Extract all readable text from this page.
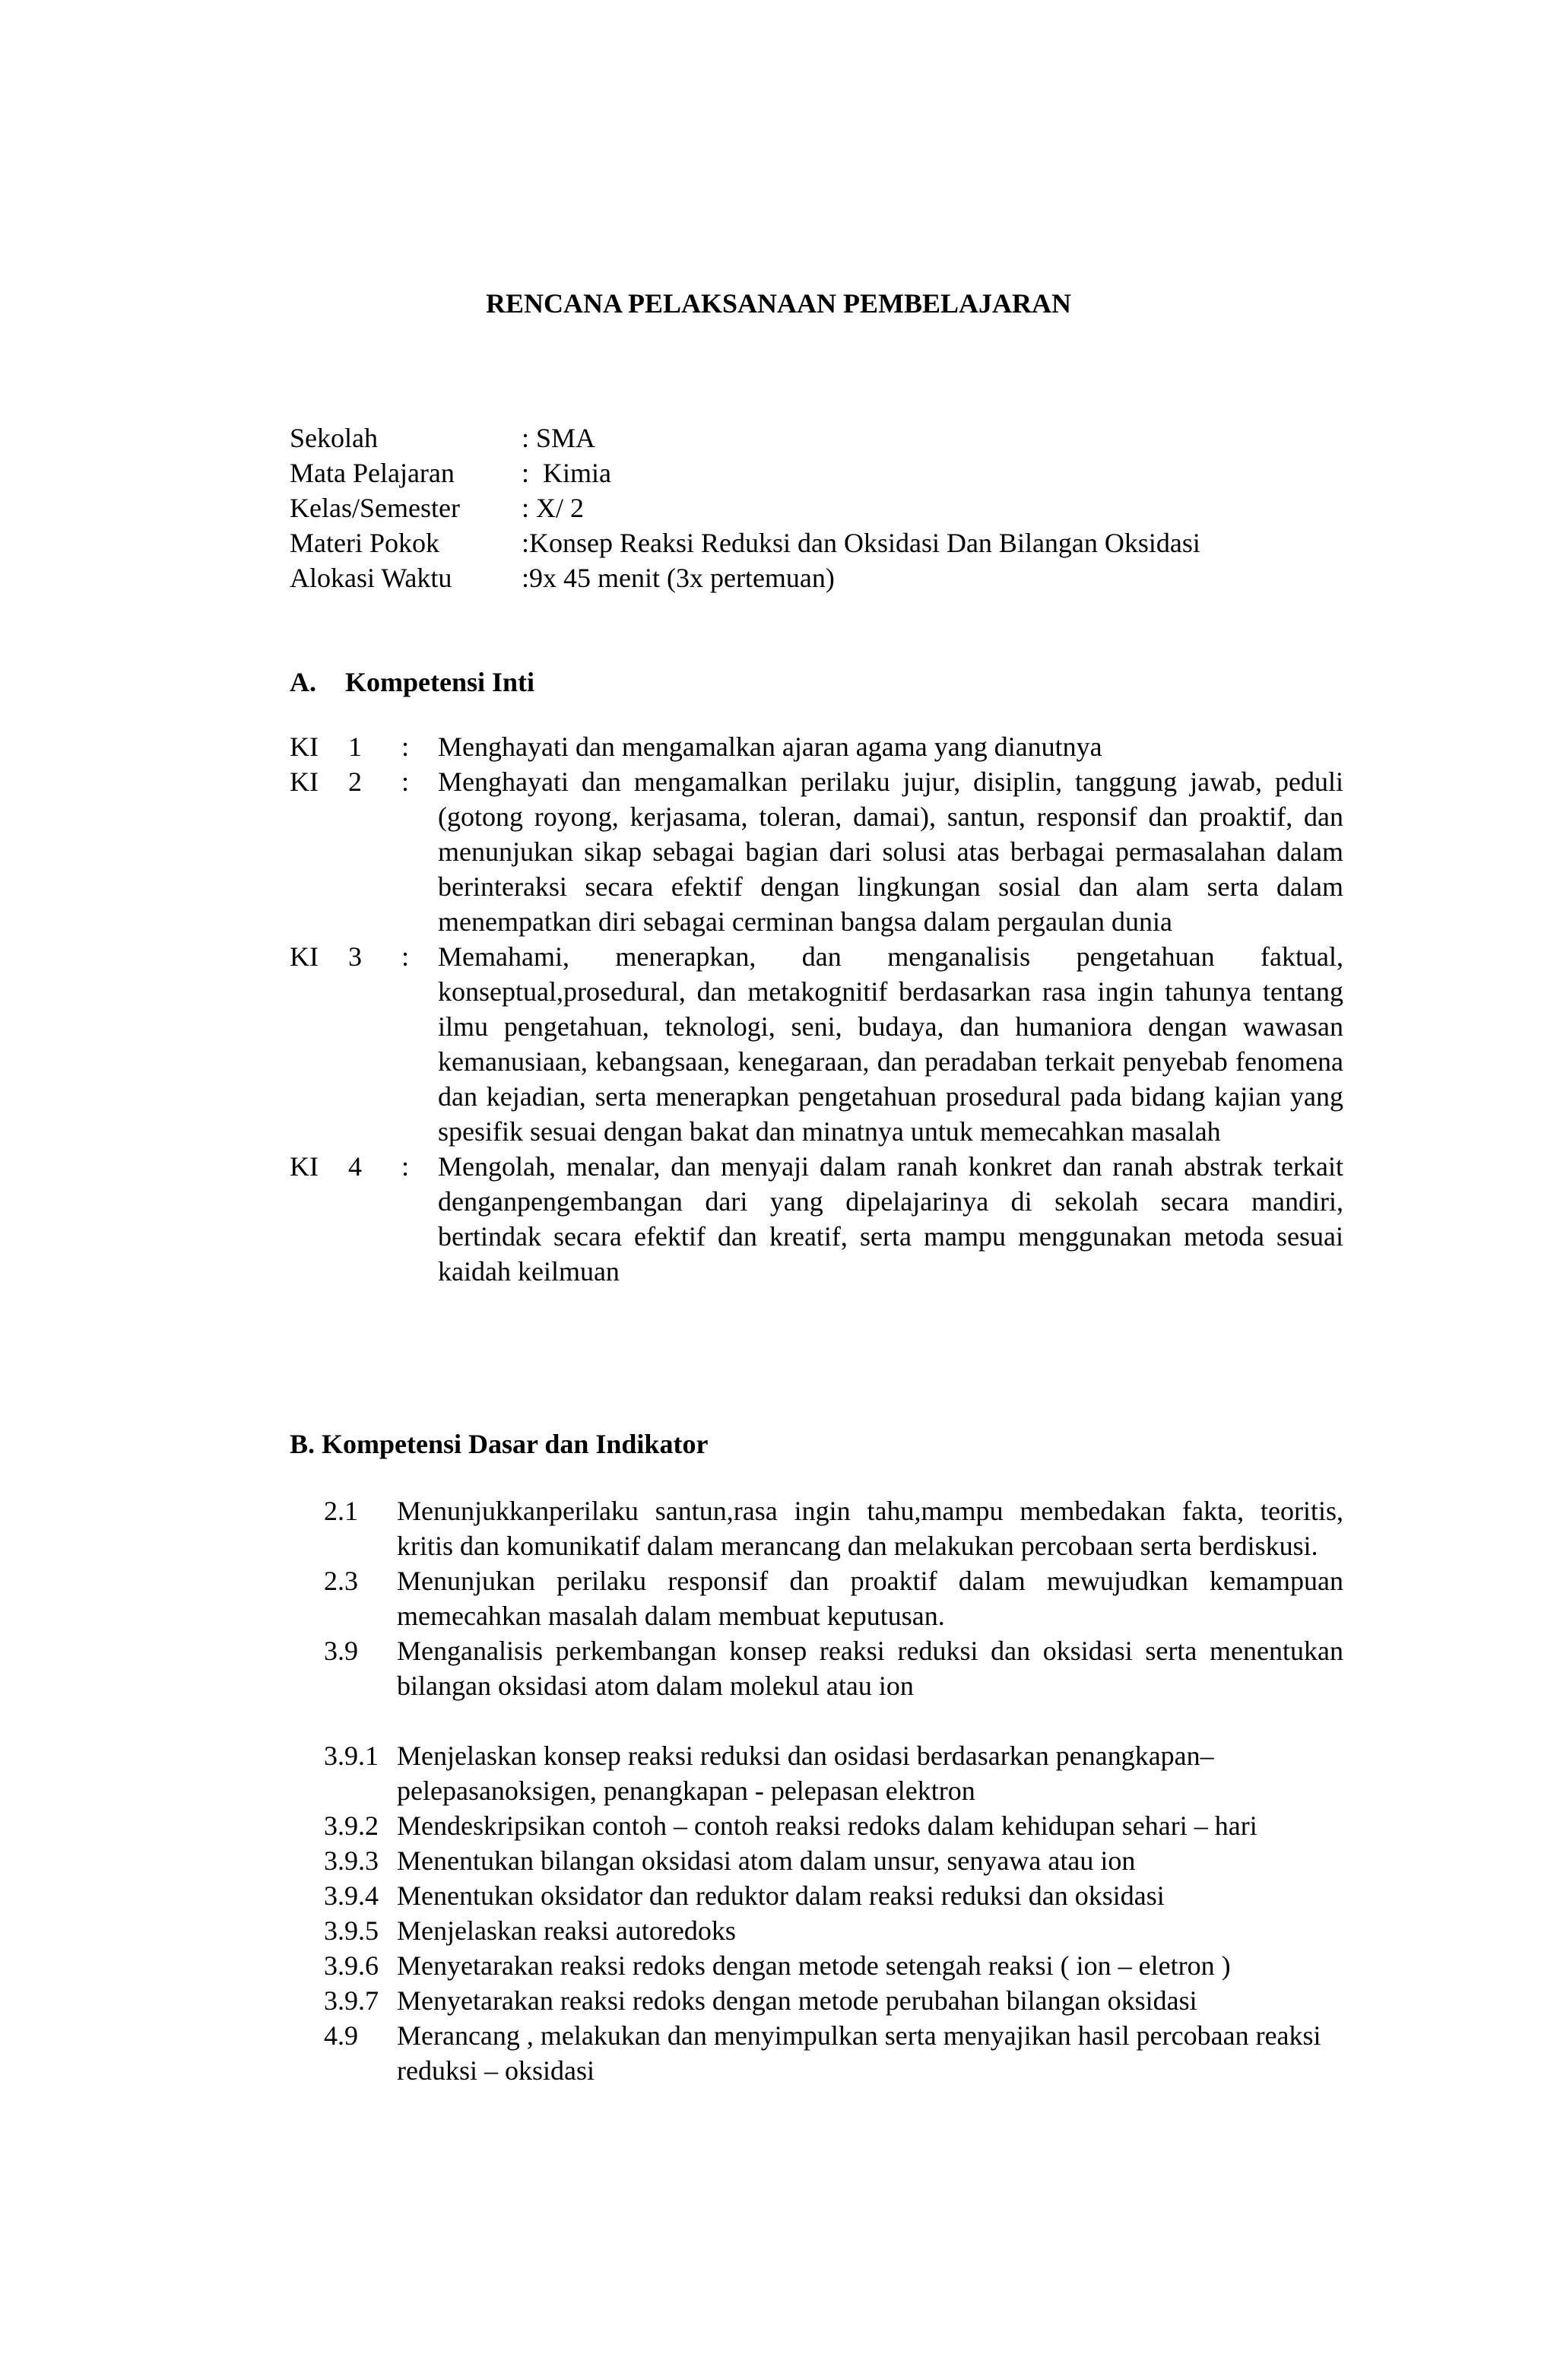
RENCANA PELAKSANAAN PEMBELAJARAN
Sekolah	: SMA
Mata Pelajaran	:  Kimia
Kelas/Semester	: X/ 2
Materi Pokok	:Konsep Reaksi Reduksi dan Oksidasi Dan Bilangan Oksidasi
Alokasi Waktu	:9x 45 menit (3x pertemuan)
A. Kompetensi Inti
KI	1	:	Menghayati dan mengamalkan ajaran agama yang dianutnya
KI	2	:	Menghayati dan mengamalkan perilaku jujur, disiplin, tanggung jawab, peduli (gotong royong, kerjasama, toleran, damai), santun, responsif dan proaktif, dan menunjukan sikap sebagai bagian dari solusi atas berbagai permasalahan dalam berinteraksi secara efektif dengan lingkungan sosial dan alam serta dalam menempatkan diri sebagai cerminan bangsa dalam pergaulan dunia
KI	3	:	Memahami, menerapkan, dan menganalisis pengetahuan faktual, konseptual,prosedural, dan metakognitif berdasarkan rasa ingin tahunya tentang ilmu pengetahuan, teknologi, seni, budaya, dan humaniora dengan wawasan kemanusiaan, kebangsaan, kenegaraan, dan peradaban terkait penyebab fenomena dan kejadian, serta menerapkan pengetahuan prosedural pada bidang kajian yang spesifik sesuai dengan bakat dan minatnya untuk memecahkan masalah
KI	4	:	Mengolah, menalar, dan menyaji dalam ranah konkret dan ranah abstrak terkait denganpengembangan dari yang dipelajarinya di sekolah secara mandiri, bertindak secara efektif dan kreatif, serta mampu menggunakan metoda sesuai kaidah keilmuan
B. Kompetensi Dasar dan Indikator
2.1	Menunjukkanperilaku santun,rasa ingin tahu,mampu membedakan fakta, teoritis, kritis dan komunikatif dalam merancang dan melakukan percobaan serta berdiskusi.
2.3	Menunjukan perilaku responsif dan proaktif dalam mewujudkan kemampuan memecahkan masalah dalam membuat keputusan.
3.9	Menganalisis perkembangan konsep reaksi reduksi dan oksidasi serta menentukan bilangan oksidasi atom dalam molekul atau ion
3.9.1 Menjelaskan konsep reaksi reduksi dan osidasi berdasarkan penangkapan–pelepasanoksigen, penangkapan - pelepasan elektron
3.9.2 Mendeskripsikan contoh – contoh reaksi redoks dalam kehidupan sehari – hari
3.9.3 Menentukan bilangan oksidasi atom dalam unsur, senyawa atau ion
3.9.4 Menentukan oksidator dan reduktor dalam reaksi reduksi dan oksidasi
3.9.5 Menjelaskan reaksi autoredoks
3.9.6 Menyetarakan reaksi redoks dengan metode setengah reaksi ( ion – eletron )
3.9.7 Menyetarakan reaksi redoks dengan metode perubahan bilangan oksidasi
4.9	Merancang , melakukan dan menyimpulkan serta menyajikan hasil percobaan reaksi reduksi – oksidasi
